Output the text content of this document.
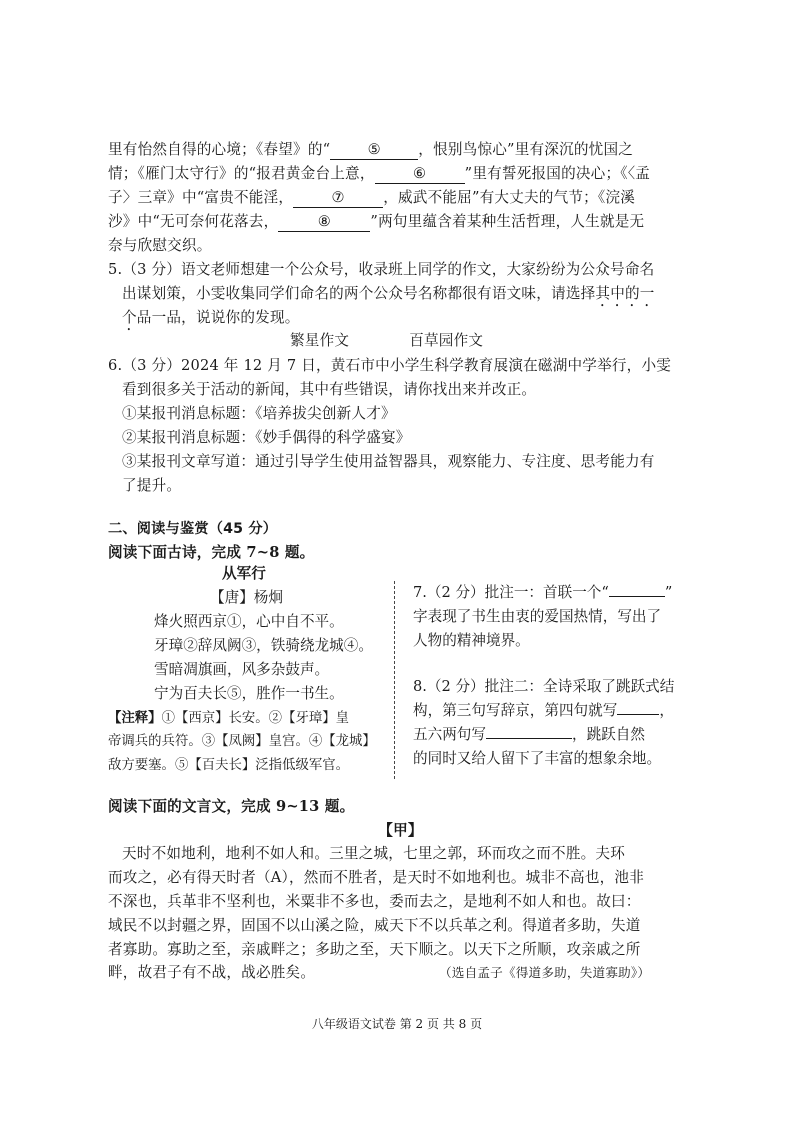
里有怡然自得的心境；《春望》的“	⑤	，恨别鸟惊心”里有深沉的忧国之
情；《雁门太守行》的“报君黄金台上意，	⑥	”里有誓死报国的决心；《〈孟
子〉三章》中“富贵不能淫，	⑦	，威武不能屈”有大丈夫的气节；《浣溪
沙》中“无可奈何花落去，	⑧	”两句里蕴含着某种生活哲理，人生就是无
奈与欣慰交织。
5.（3 分）语文老师想建一个公众号，收录班上同学的作文，大家纷纷为公众号命名
出谋划策，小雯收集同学们命名的两个公众号名称都很有语文味，请选择其中的一
个品一品，说说你的发现。
繁星作文	百草园作文
6.（3 分）2024 年 12 月 7 日，黄石市中小学生科学教育展演在磁湖中学举行，小雯
看到很多关于活动的新闻，其中有些错误，请你找出来并改正。
①某报刊消息标题：《培养拔尖创新人才》
②某报刊消息标题：《妙手偶得的科学盛宴》
③某报刊文章写道：通过引导学生使用益智器具，观察能力、专注度、思考能力有
了提升。
二、阅读与鉴赏（45 分）
阅读下面古诗，完成 7~8 题。
从军行
【唐】杨炯
烽火照西京①，心中自不平。
牙璋②辞凤阙③，铁骑绕龙城④。
雪暗凋旗画，风多杂鼓声。
宁为百夫长⑤，胜作一书生。
【注释】①【西京】长安。②【牙璋】皇
帝调兵的兵符。③【凤阙】皇宫。④【龙城】
敌方要塞。⑤【百夫长】泛指低级军官。
7.（2 分）批注一：首联一个“	”
字表现了书生由衷的爱国热情，写出了
人物的精神境界。
8.（2 分）批注二：全诗采取了跳跃式结
构，第三句写辞京，第四句就写	，
五六两句写	，跳跃自然
的同时又给人留下了丰富的想象余地。
阅读下面的文言文，完成 9~13 题。
【甲】
天时不如地利，地利不如人和。三里之城，七里之郭，环而攻之而不胜。夫环
而攻之，必有得天时者（A），然而不胜者，是天时不如地利也。城非不高也，池非
不深也，兵革非不坚利也，米粟非不多也，委而去之，是地利不如人和也。故曰：
域民不以封疆之界，固国不以山溪之险，威天下不以兵革之利。得道者多助，失道
者寡助。寡助之至，亲戚畔之；多助之至，天下顺之。以天下之所顺，攻亲戚之所
畔，故君子有不战，战必胜矣。	（选自孟子《得道多助，失道寡助》）
八年级语文试卷 第 2 页 共 8 页
